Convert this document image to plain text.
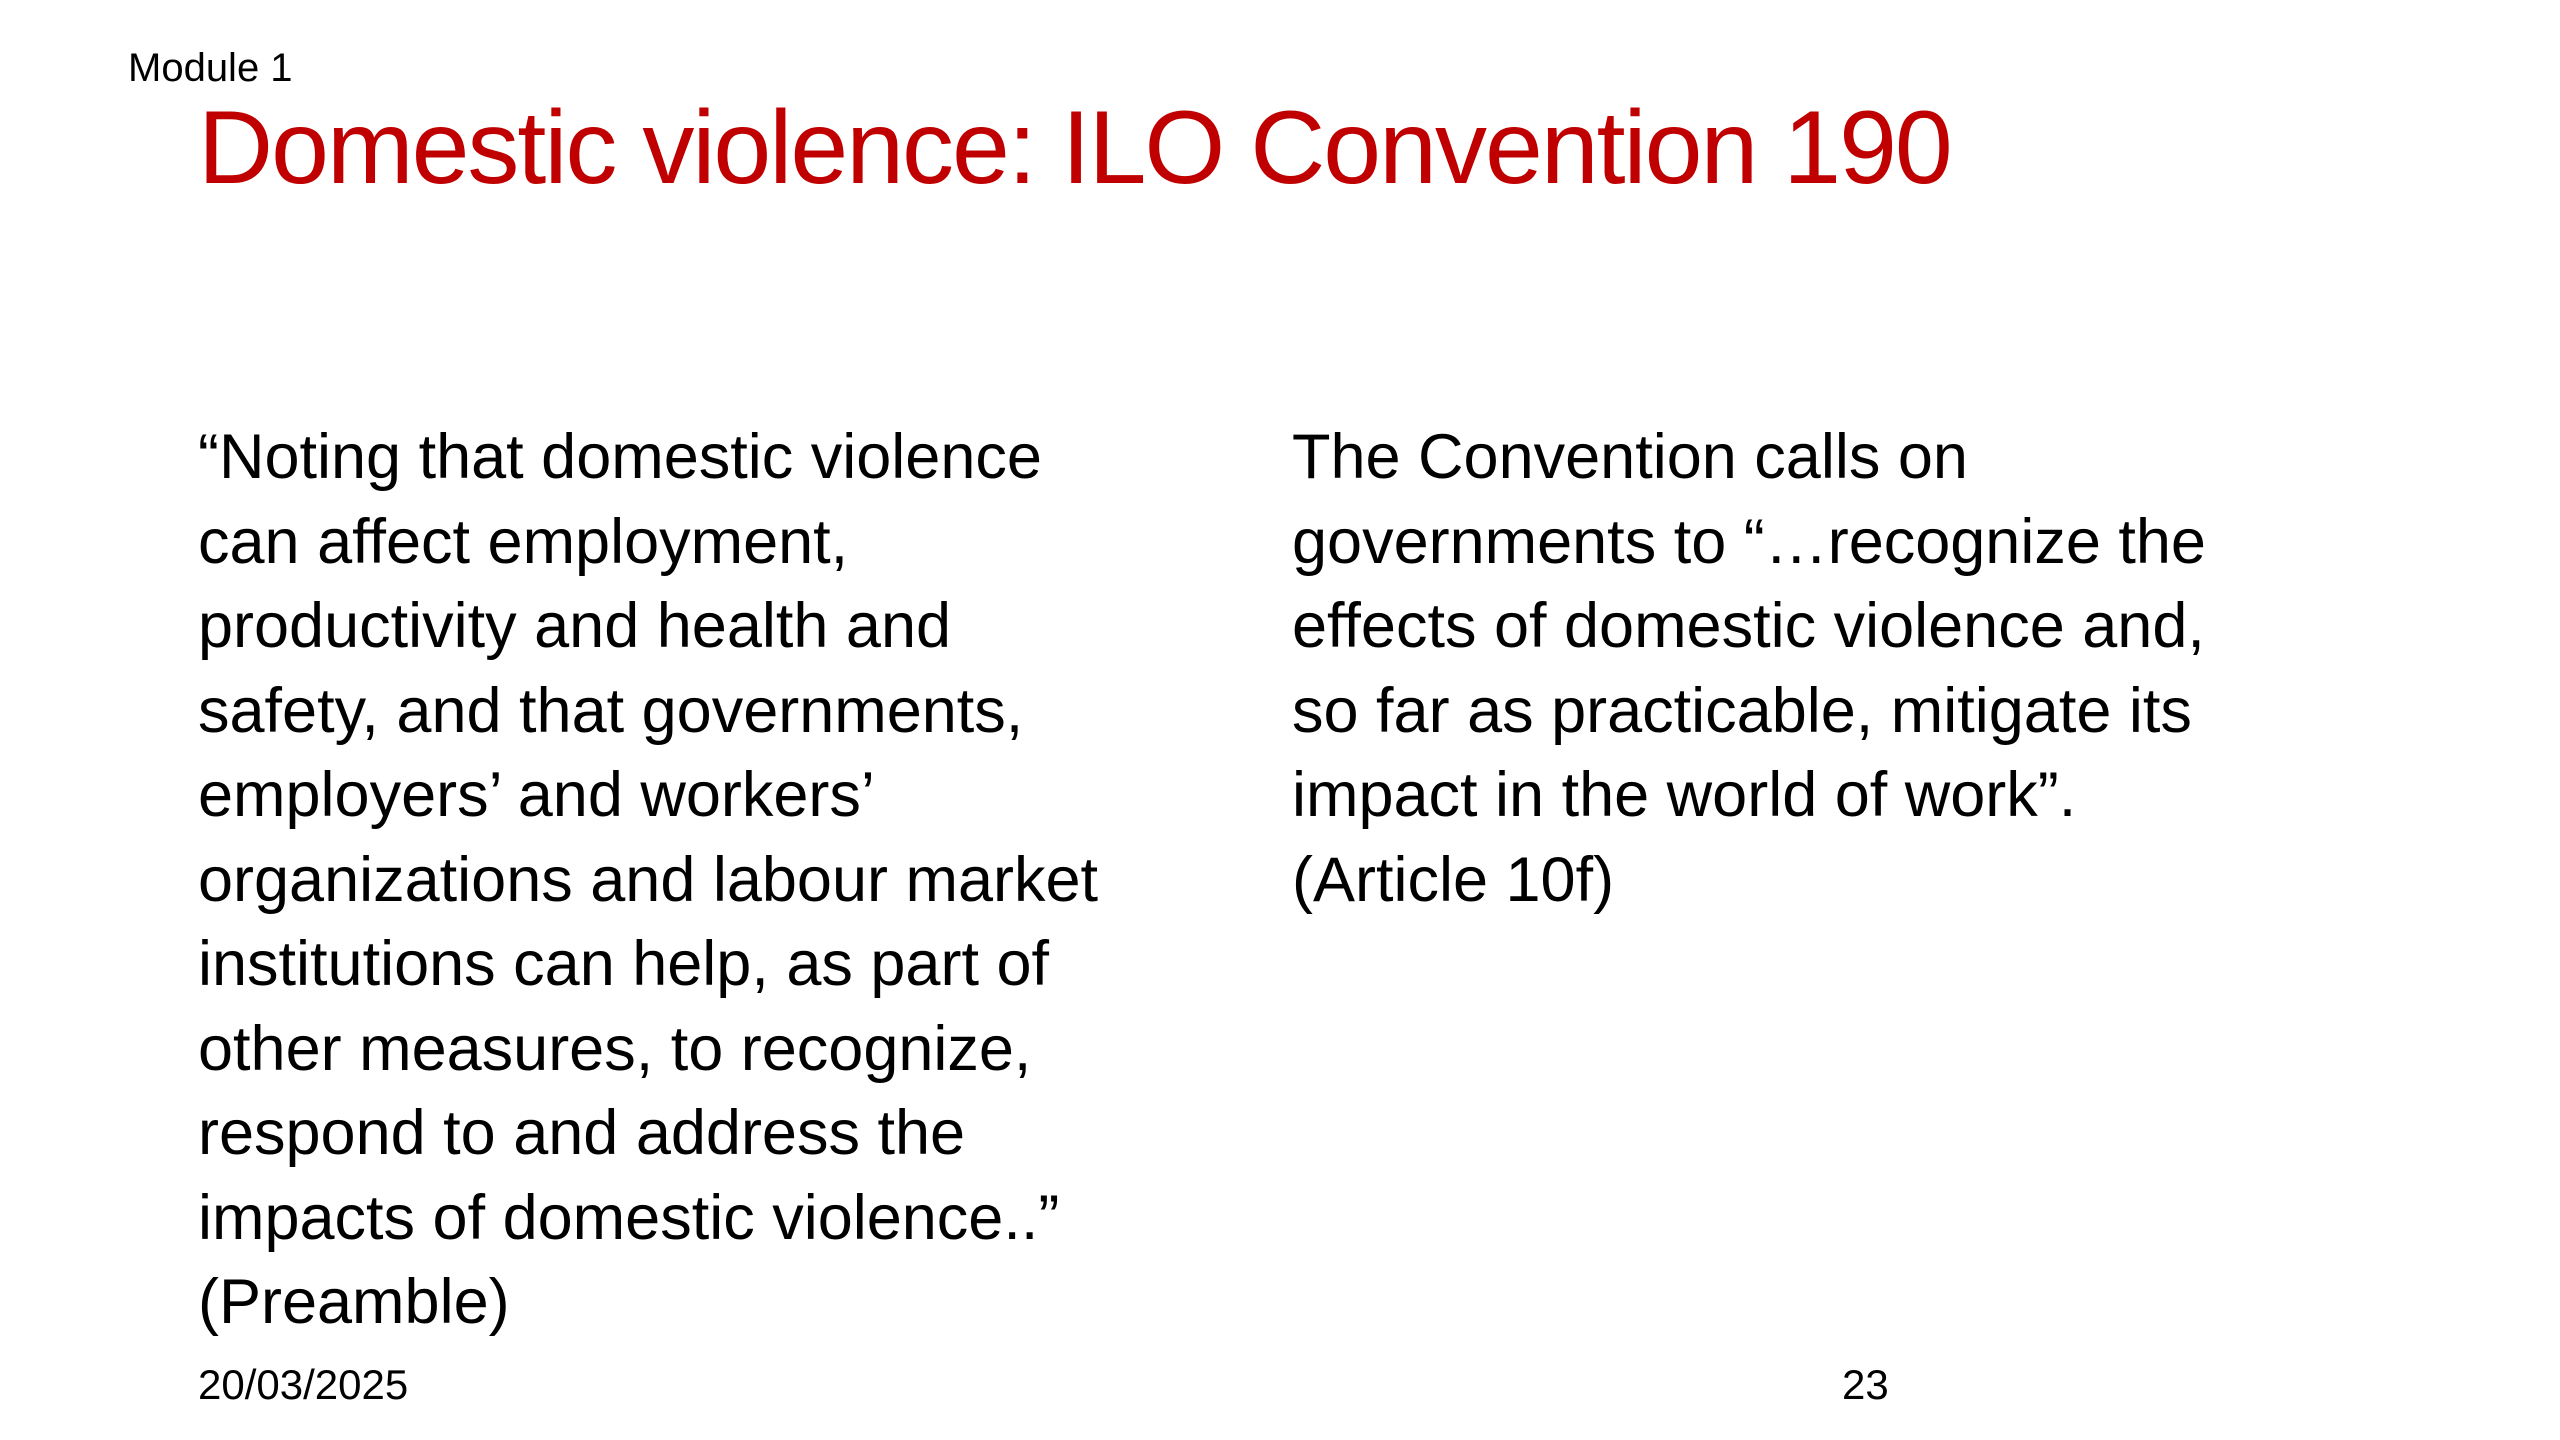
Module 1
Domestic violence: ILO Convention 190
“Noting that domestic violence
can affect employment,
productivity and health and
safety, and that governments,
employers’ and workers’
organizations and labour market
institutions can help, as part of
other measures, to recognize,
respond to and address the
impacts of domestic violence..”
(Preamble)
The Convention calls on
governments to “…recognize the
effects of domestic violence and,
so far as practicable, mitigate its
impact in the world of work”.
(Article 10f)
20/03/2025	23
